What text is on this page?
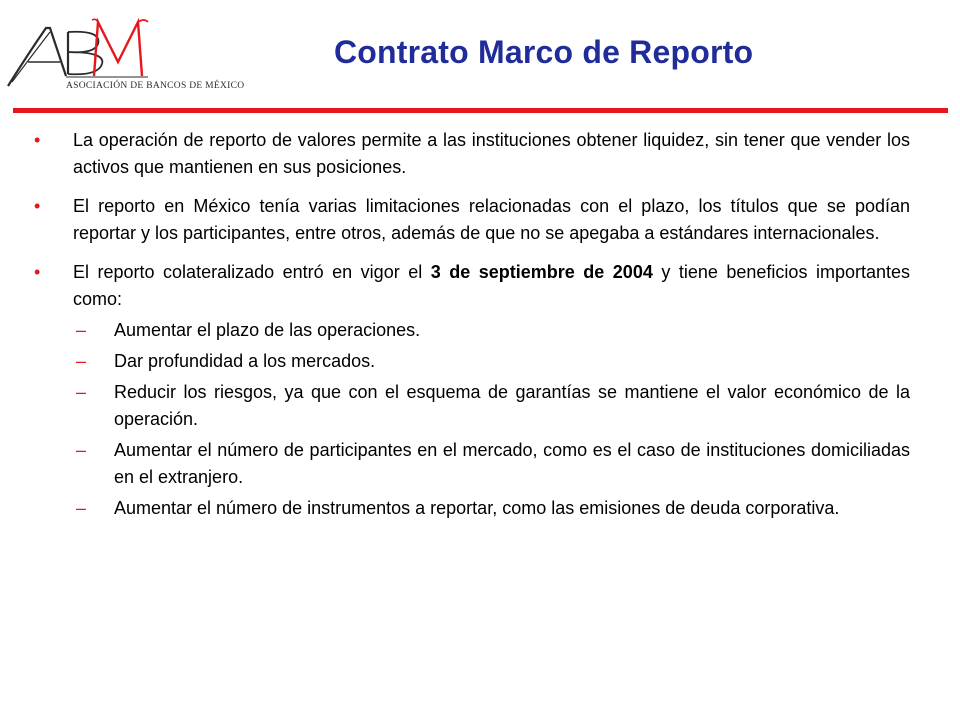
ASOCIACIÓN DE BANCOS DE MÉXICO
Contrato Marco de Reporto
• La operación de reporto de valores permite a las instituciones obtener liquidez, sin tener que vender los activos que mantienen en sus posiciones.
• El reporto en México tenía varias limitaciones relacionadas con el plazo, los títulos que se podían reportar y los participantes, entre otros, además de que no se apegaba a estándares internacionales.
• El reporto colateralizado entró en vigor el 3 de septiembre de 2004 y tiene beneficios importantes como:
– Aumentar el plazo de las operaciones.
– Dar profundidad a los mercados.
– Reducir los riesgos, ya que con el esquema de garantías se mantiene el valor económico de la operación.
– Aumentar el número de participantes en el mercado, como es el caso de instituciones domiciliadas en el extranjero.
– Aumentar el número de instrumentos a reportar, como las emisiones de deuda corporativa.
